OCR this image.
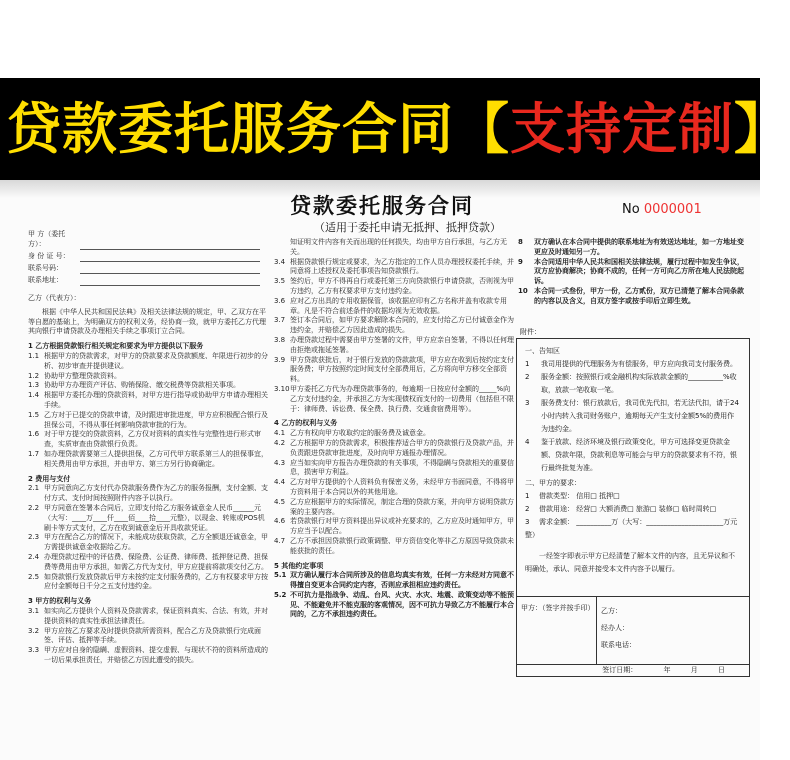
贷款委托服务合同 【 支持定制 】
贷款委托服务合同
（适用于委托申请无抵押、抵押贷款）
No 0000001
甲 方（委托方）：
身 份 证 号：
联系号码：
联系地址：
乙方（代表方）：
根据《中华人民共和国民法典》及相关法律法规的规定，甲、乙双方在平等自愿的基础上，为明确双方的权利义务，经协商一致，就甲方委托乙方代理其向银行申请贷款及办理相关手续之事项订立合同。
1 乙方根据贷款银行相关规定和要求为甲方提供以下服务
1.1 根据甲方的贷款需求，对甲方的贷款要求及贷款额度、年限进行初步的分析、初步审查并提供建议。
1.2 协助甲方整理贷款资料。
1.3 协助甲方办理资产评估、购销保险、缴交税费等贷款相关事项。
1.4 根据甲方委托办理的贷款资料，对甲方进行指导或协助甲方申请办理相关手续。
1.5 乙方对于已提交的贷款申请，及时跟进审批进度，甲方应积极配合银行及担保公司，不得从事任何影响贷款审批的行为。
1.6 对于甲方提交的贷款资料，乙方仅对资料的真实性与完整性进行形式审查，实质审查由贷款银行负责。
1.7 如办理贷款需要第三人提供担保，乙方可代甲方联系第三人的担保事宜，相关费用由甲方承担，并由甲方、第三方另行协商确定。
2 费用与支付
2.1 甲方同意向乙方支付代办贷款服务费作为乙方的服务报酬，支付金额、支付方式、支付时间按照附件内容予以执行。
2.2 甲方同意在签署本合同后，立即支付给乙方服务诚意金人民币______元（大写：____万____仟____佰____拾____元整），以现金、转账或POS机刷卡等方式支付，乙方在收到诚意金后开具收款凭证。
2.3 甲方在配合乙方的情况下，未能成功获取贷款，乙方全额退还诚意金，甲方需提供诚意金收据给乙方。
2.4 办理贷款过程中的评估费、保险费、公证费、律师费、抵押登记费、担保费等费用由甲方承担，如需乙方代为支付，甲方应提前将款项交付乙方。
2.5 如贷款银行发放贷款后甲方未按约定支付服务费的，乙方有权要求甲方按应付金额每日千分之五支付违约金。
3 甲方的权利与义务
3.1 如实向乙方提供个人资料及贷款需求，保证资料真实、合法、有效，并对提供资料的真实性承担法律责任。
3.2 甲方应按乙方要求及时提供贷款所需资料，配合乙方及贷款银行完成面签、评估、抵押等手续。
3.3 甲方应对自身的隐瞒、虚假资料、提交虚假、与现状不符的资料所造成的一切后果承担责任，并赔偿乙方因此遭受的损失。
知证明文件内容有关而出现的任何损失，均由甲方自行承担，与乙方无关。
3.4 根据贷款银行规定或要求，为乙方指定的工作人员办理授权委托手续，并同意将上述授权及委托事项告知贷款银行。
3.5 签约后，甲方不得再自行或委托第三方向贷款银行申请贷款，否则视为甲方违约，乙方有权要求甲方支付违约金。
3.6 应对乙方出具的专用收据保管，该收据应印有乙方名称并盖有收款专用章。凡是不符合前述条件的收据均视为无效收据。
3.7 签订本合同后，如甲方要求解除本合同的，应支付给乙方已付诚意金作为违约金，并赔偿乙方因此造成的损失。
3.8 办理贷款过程中需要由甲方签署的文件，甲方应亲自签署，不得以任何理由拒绝或拖延签署。
3.9 甲方贷款获批后，对于银行发放的贷款款项，甲方应在收到后按约定支付服务费；甲方按照约定时间支付全部费用后，乙方将向甲方移交全部资料。
3.10 甲方委托乙方代为办理贷款事务的，每逾期一日按应付金额的_____%向乙方支付违约金，并承担乙方为实现债权而支付的一切费用（包括但不限于：律师费、诉讼费、保全费、执行费、交通食宿费用等）。
4 乙方的权利与义务
4.1 乙方有权向甲方收取约定的服务费及诚意金。
4.2 乙方根据甲方的贷款需求，积极推荐适合甲方的贷款银行及贷款产品，并负责跟进贷款审批进度，及时向甲方通报办理情况。
4.3 应当如实向甲方报告办理贷款的有关事项，不得隐瞒与贷款相关的重要信息，损害甲方利益。
4.4 乙方对甲方提供的个人资料负有保密义务，未经甲方书面同意，不得将甲方资料用于本合同以外的其他用途。
4.5 乙方应根据甲方的实际情况，制定合理的贷款方案，并向甲方说明贷款方案的主要内容。
4.6 若贷款银行对甲方资料提出异议或补充要求的，乙方应及时通知甲方，甲方应当予以配合。
4.7 乙方不承担因贷款银行政策调整、甲方资信变化等非乙方原因导致贷款未能获批的责任。
5 其他约定事项
5.1 双方确认履行本合同所涉及的信息均真实有效，任何一方未经对方同意不得擅自变更本合同约定内容，否则应承担相应违约责任。
5.2 不可抗力是指战争、动乱、台风、火灾、水灾、地震、政策变动等不能预见、不能避免并不能克服的客观情况，因不可抗力导致乙方不能履行本合同的，乙方不承担违约责任。
8	双方确认在本合同中提供的联系地址为有效送达地址，如一方地址变更应及时通知另一方。
9	本合同适用中华人民共和国相关法律法规，履行过程中如发生争议，双方应协商解决；协商不成的，任何一方可向乙方所在地人民法院起诉。
10 本合同一式叁份，甲方一份，乙方贰份，双方已清楚了解本合同条款的内容以及含义，自双方签字或按手印后立即生效。
附件：
一、告知区
1	我司用提供的代理服务为有偿服务，甲方应向我司支付服务费。
2	服务金额：按照银行或金融机构实际放款金额的__________%收取，放款一笔收取一笔。
3	服务费支付：银行放款后，我司优先代扣，若无法代扣，请于24小时内转入我司财务账户，逾期每天产生支付金额5%的费用作为违约金。
4	鉴于放款、经济环境及银行政策变化，甲方可选择变更贷款金额、贷款年限，贷款利息等可能会与甲方的贷款要求有不符，银行最终批复为准。
二、甲方的要求：
1 借款类型： 信用□ 抵押□
2 借款用途： 经营□ 大额消费□ 旅游□ 装修□ 临时周转□
3 需求金额： __________万（大写：______________________万元整）
一经签字即表示甲方已经清楚了解本文件的内容，且无异议和不明确处，承认、同意并接受本文件内容予以履行。
甲方：（签字并按手印） 乙方：
经办人：
联系电话：
签订日期：	年	月	日
